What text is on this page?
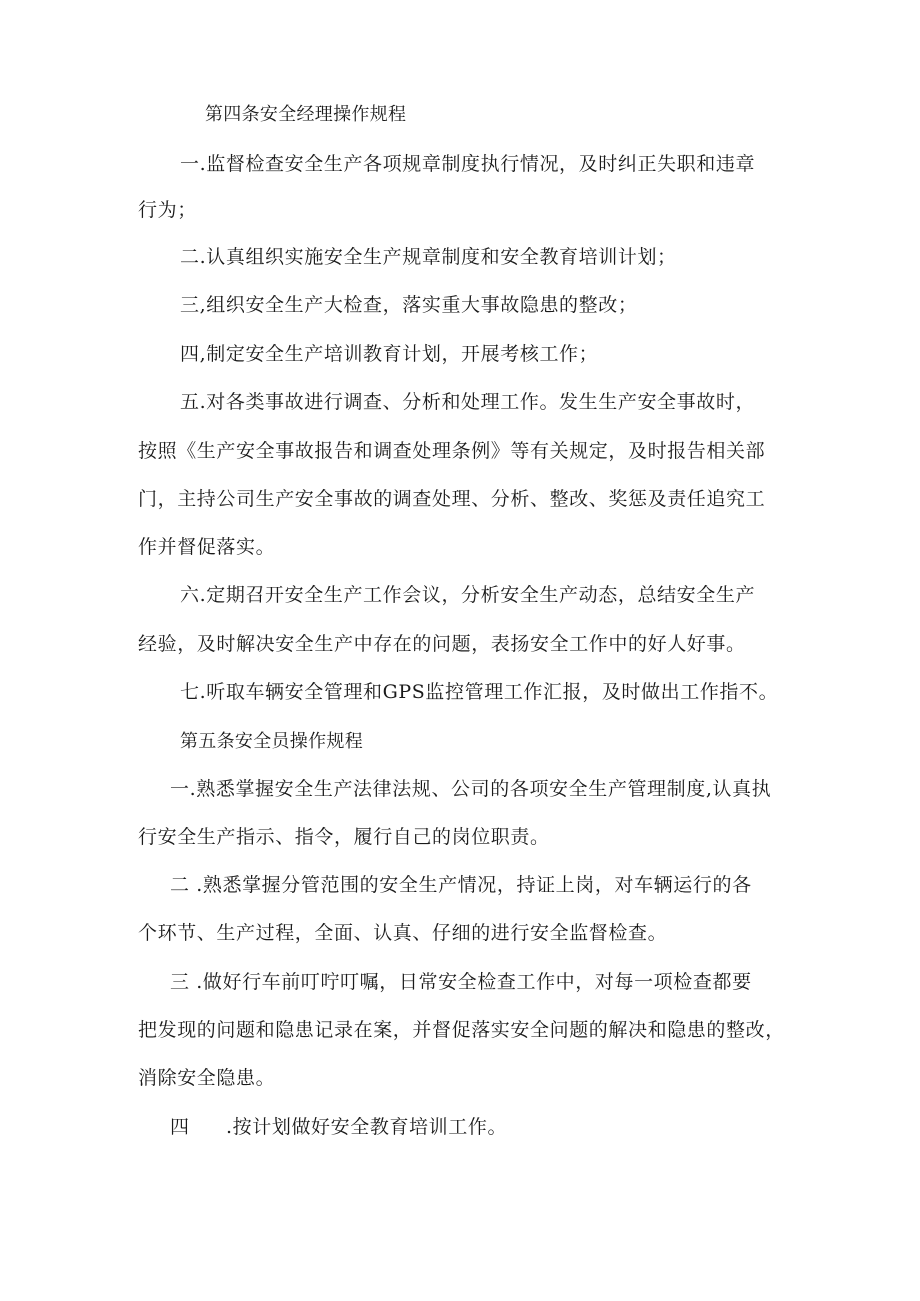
第四条安全经理操作规程
一.监督检查安全生产各项规章制度执行情况，及时纠正失职和违章
行为；
二.认真组织实施安全生产规章制度和安全教育培训计划；
三,组织安全生产大检查，落实重大事故隐患的整改；
四,制定安全生产培训教育计划，开展考核工作；
五.对各类事故进行调查、分析和处理工作。发生生产安全事故时，
按照《生产安全事故报告和调查处理条例》等有关规定，及时报告相关部
门，主持公司生产安全事故的调查处理、分析、整改、奖惩及责任追究工
作并督促落实。
六.定期召开安全生产工作会议，分析安全生产动态，总结安全生产
经验，及时解决安全生产中存在的问题，表扬安全工作中的好人好事。
七.听取车辆安全管理和GPS监控管理工作汇报，及时做出工作指不。
第五条安全员操作规程
一.熟悉掌握安全生产法律法规、公司的各项安全生产管理制度,认真执
行安全生产指示、指令，履行自己的岗位职责。
二 .熟悉掌握分管范围的安全生产情况，持证上岗，对车辆运行的各
个环节、生产过程，全面、认真、仔细的进行安全监督检查。
三 .做好行车前叮咛叮嘱，日常安全检查工作中，对每一项检查都要
把发现的问题和隐患记录在案，并督促落实安全问题的解决和隐患的整改，
消除安全隐患。
四 .按计划做好安全教育培训工作。
